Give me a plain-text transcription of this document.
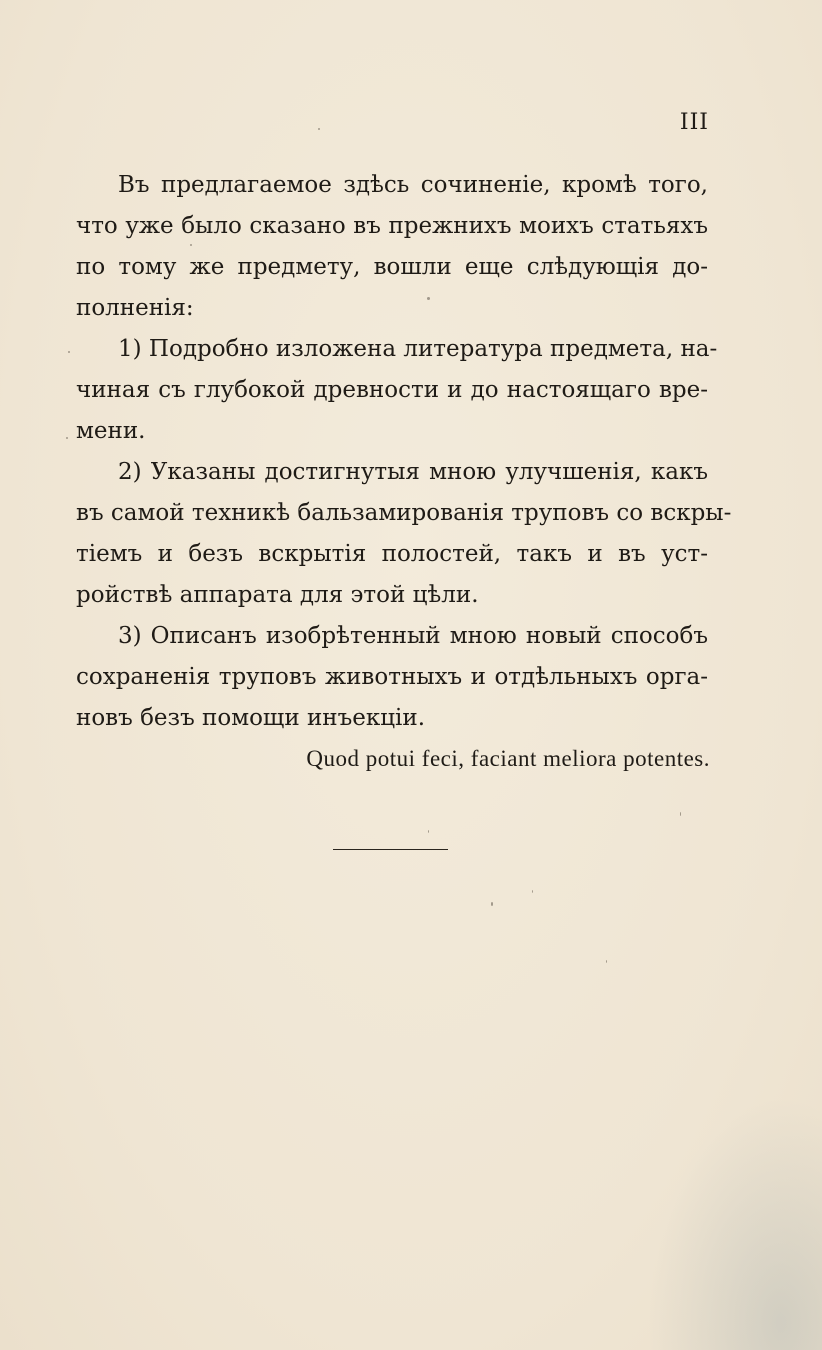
III

Въ предлагаемое здѣсь сочиненіе, кромѣ того,
что уже было сказано въ прежнихъ моихъ статьяхъ
по тому же предмету, вошли еще слѣдующія до-
полненія:

1) Подробно изложена литература предмета, на-
чиная съ глубокой древности и до настоящаго вре-
мени.

2) Указаны достигнутыя мною улучшенія, какъ
въ самой техникѣ бальзамированія труповъ со вскры-
тіемъ и безъ вскрытія полостей, такъ и въ уст-
ройствѣ аппарата для этой цѣли.

3) Описанъ изобрѣтенный мною новый способъ
сохраненія труповъ животныхъ и отдѣльныхъ орга-
новъ безъ помощи инъекціи.

Quod potui feci, faciant meliora potentes.
